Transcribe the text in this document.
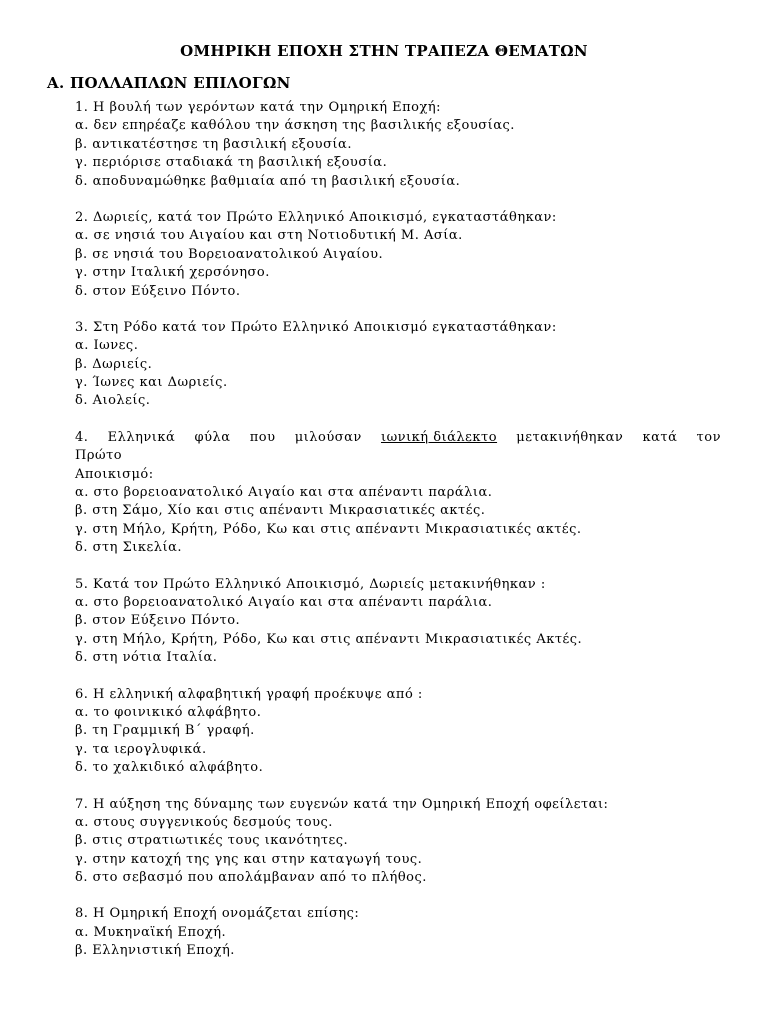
ΟΜΗΡΙΚΗ ΕΠΟΧΗ ΣΤΗΝ ΤΡΑΠΕΖΑ ΘΕΜΑΤΩΝ
Α. ΠΟΛΛΑΠΛΩΝ ΕΠΙΛΟΓΩΝ
1. Η βουλή των γερόντων κατά την Ομηρική Εποχή:
α. δεν επηρέαζε καθόλου την άσκηση της βασιλικής εξουσίας.
β. αντικατέστησε τη βασιλική εξουσία.
γ. περιόρισε σταδιακά τη βασιλική εξουσία.
δ. αποδυναμώθηκε βαθμιαία από τη βασιλική εξουσία.
2. Δωριείς, κατά τον Πρώτο Ελληνικό Αποικισμό, εγκαταστάθηκαν:
α. σε νησιά του Αιγαίου και στη Νοτιοδυτική Μ. Ασία.
β. σε νησιά του Βορειοανατολικού Αιγαίου.
γ. στην Ιταλική χερσόνησο.
δ. στον Εύξεινο Πόντο.
3. Στη Ρόδο κατά τον Πρώτο Ελληνικό Αποικισμό εγκαταστάθηκαν:
α. Ιωνες.
β. Δωριείς.
γ. Ίωνες και Δωριείς.
δ. Αιολείς.
4. Ελληνικά φύλα που μιλούσαν ιωνική διάλεκτο μετακινήθηκαν κατά τον
Πρώτο
Αποικισμό:
α. στο βορειοανατολικό Αιγαίο και στα απέναντι παράλια.
β. στη Σάμο, Χίο και στις απέναντι Μικρασιατικές ακτές.
γ. στη Μήλο, Κρήτη, Ρόδο, Κω και στις απέναντι Μικρασιατικές ακτές.
δ. στη Σικελία.
5. Κατά τον Πρώτο Ελληνικό Αποικισμό, Δωριείς μετακινήθηκαν :
α. στο βορειοανατολικό Αιγαίο και στα απέναντι παράλια.
β. στον Εύξεινο Πόντο.
γ. στη Μήλο, Κρήτη, Ρόδο, Κω και στις απέναντι Μικρασιατικές Ακτές.
δ. στη νότια Ιταλία.
6. Η ελληνική αλφαβητική γραφή προέκυψε από :
α. το φοινικικό αλφάβητο.
β. τη Γραμμική Β΄ γραφή.
γ. τα ιερογλυφικά.
δ. το χαλκιδικό αλφάβητο.
7. Η αύξηση της δύναμης των ευγενών κατά την Ομηρική Εποχή οφείλεται:
α. στους συγγενικούς δεσμούς τους.
β. στις στρατιωτικές τους ικανότητες.
γ. στην κατοχή της γης και στην καταγωγή τους.
δ. στο σεβασμό που απολάμβαναν από το πλήθος.
8. Η Ομηρική Εποχή ονομάζεται επίσης:
α. Μυκηναϊκή Εποχή.
β. Ελληνιστική Εποχή.
